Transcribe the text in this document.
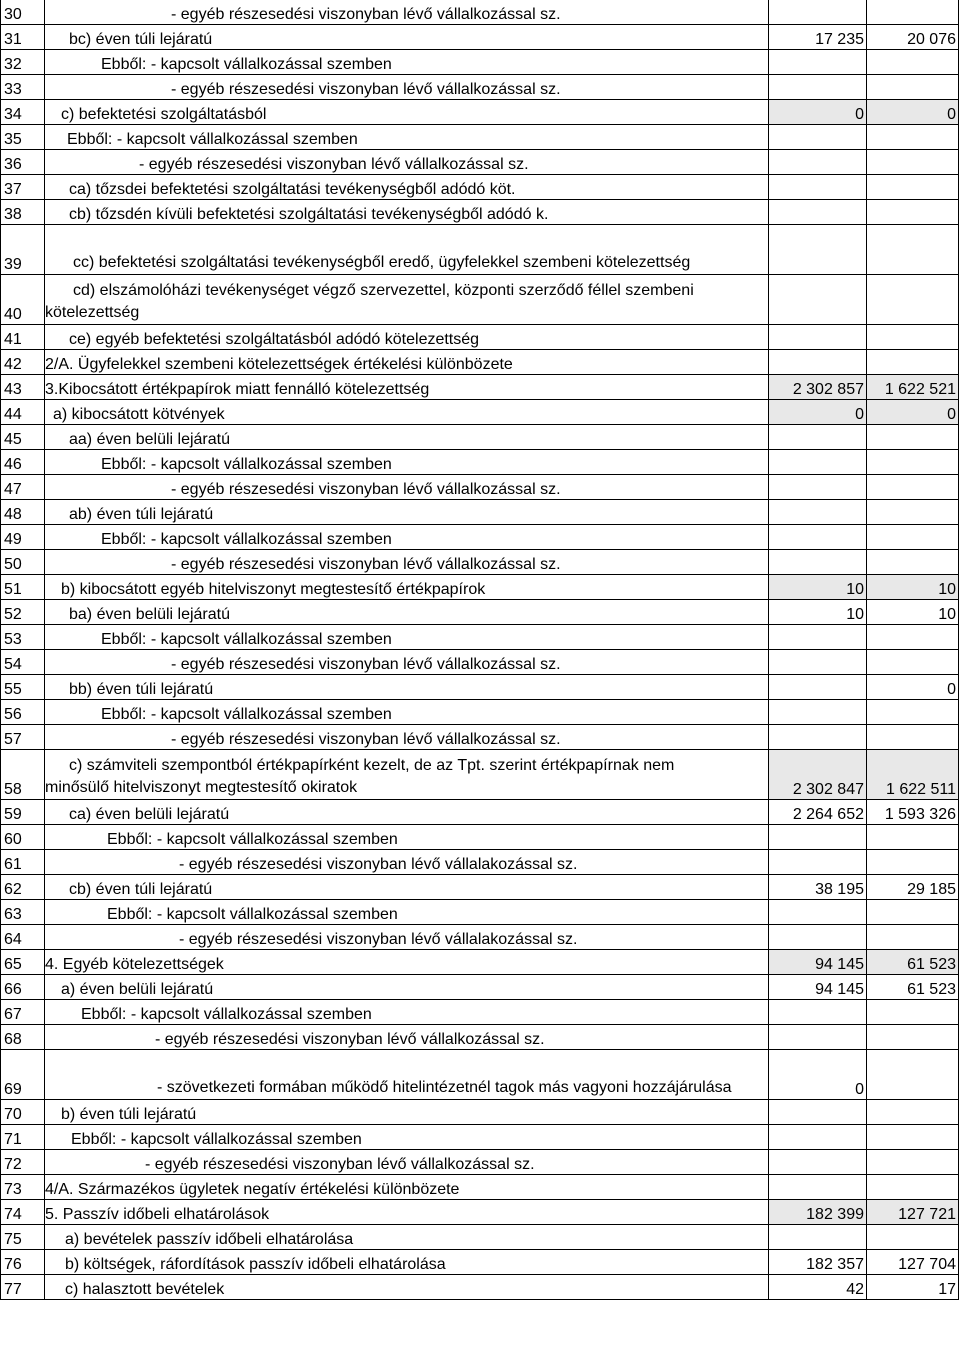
30	- egyéb részesedési viszonyban lévő vállalkozással sz.		

31	bc) éven túli lejáratú	17 235	20 076
32	Ebből: - kapcsolt vállalkozással szemben		

33	- egyéb részesedési viszonyban lévő vállalkozással sz.		

34	c) befektetési szolgáltatásból	0	0
35	Ebből: - kapcsolt vállalkozással szemben		

36	- egyéb részesedési viszonyban lévő vállalkozással sz.		

37	ca) tőzsdei befektetési szolgáltatási tevékenységből adódó köt.		

38	cb) tőzsdén kívüli befektetési szolgáltatási tevékenységből adódó k.		

39	cc) befektetési szolgáltatási tevékenységből eredő, ügyfelekkel szembeni kötelezettség		

40	cd) elszámolóházi tevékenységet végző szervezettel, központi szerződő féllel szembeni kötelezettség		

41	ce) egyéb befektetési szolgáltatásból adódó kötelezettség		

42	2/A. Ügyfelekkel szembeni kötelezettségek értékelési különbözete		

43	3.Kibocsátott értékpapírok miatt fennálló kötelezettség	2 302 857	1 622 521
44	a) kibocsátott kötvények	0	0
45	aa) éven belüli lejáratú		

46	Ebből: - kapcsolt vállalkozással szemben		

47	- egyéb részesedési viszonyban lévő vállalkozással sz.		

48	ab) éven túli lejáratú		

49	Ebből: - kapcsolt vállalkozással szemben		

50	- egyéb részesedési viszonyban lévő vállalkozással sz.		

51	b) kibocsátott egyéb hitelviszonyt megtestesítő értékpapírok	10	10
52	ba) éven belüli lejáratú	10	10
53	Ebből: - kapcsolt vállalkozással szemben		

54	- egyéb részesedési viszonyban lévő vállalkozással sz.		

55	bb) éven túli lejáratú		0
56	Ebből: - kapcsolt vállalkozással szemben		

57	- egyéb részesedési viszonyban lévő vállalkozással sz.		

58	c) számviteli szempontból értékpapírként kezelt, de az Tpt. szerint értékpapírnak nem minősülő hitelviszonyt megtestesítő okiratok	2 302 847	1 622 511
59	ca) éven belüli lejáratú	2 264 652	1 593 326
60	Ebből: - kapcsolt vállalkozással szemben		

61	- egyéb részesedési viszonyban lévő vállalakozással sz.		

62	cb) éven túli lejáratú	38 195	29 185
63	Ebből: - kapcsolt vállalkozással szemben		

64	- egyéb részesedési viszonyban lévő vállalakozással sz.		

65	4. Egyéb kötelezettségek	94 145	61 523
66	a) éven belüli lejáratú	94 145	61 523
67	Ebből: - kapcsolt vállalkozással szemben		

68	- egyéb részesedési viszonyban lévő vállalkozással sz.		

69	- szövetkezeti formában működő hitelintézetnél tagok más vagyoni hozzájárulása	0	
70	b) éven túli lejáratú		

71	Ebből: - kapcsolt vállalkozással szemben		

72	- egyéb részesedési viszonyban lévő vállalkozással sz.		

73	4/A. Származékos ügyletek negatív értékelési különbözete		

74	5. Passzív időbeli elhatárolások	182 399	127 721
75	a) bevételek passzív időbeli elhatárolása		

76	b) költségek, ráfordítások passzív időbeli elhatárolása	182 357	127 704
77	c) halasztott bevételek	42	17
